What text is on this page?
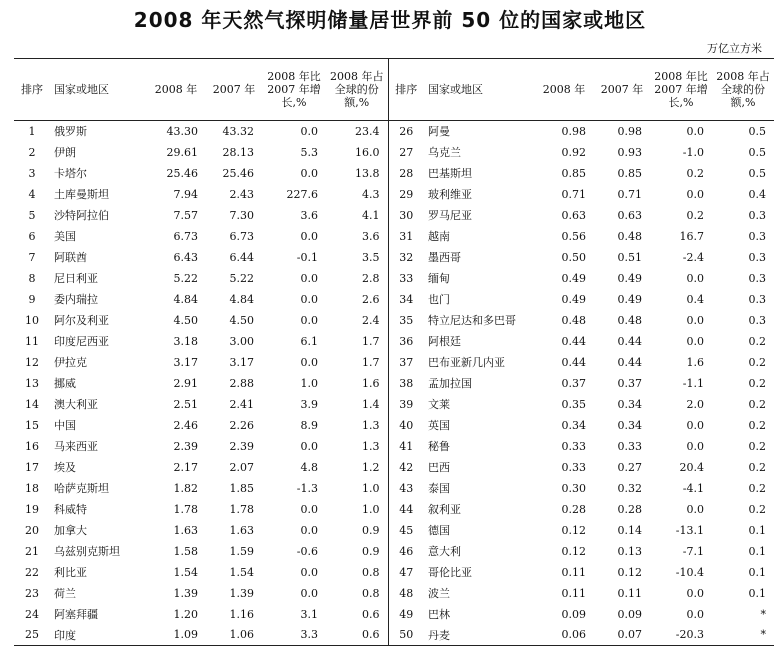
2008 年天然气探明储量居世界前 50 位的国家或地区
万亿立方米
排序	国家或地区	2008 年	2007 年	2008 年比 2007 年增长,%	2008 年占全球的份额,%	排序	国家或地区	2008 年	2007 年	2008 年比 2007 年增长,%	2008 年占全球的份额,%
1	俄罗斯	43.30	43.32	0.0	23.4	26	阿曼	0.98	0.98	0.0	0.5
2	伊朗	29.61	28.13	5.3	16.0	27	乌克兰	0.92	0.93	-1.0	0.5
3	卡塔尔	25.46	25.46	0.0	13.8	28	巴基斯坦	0.85	0.85	0.2	0.5
4	土库曼斯坦	7.94	2.43	227.6	4.3	29	玻利维亚	0.71	0.71	0.0	0.4
5	沙特阿拉伯	7.57	7.30	3.6	4.1	30	罗马尼亚	0.63	0.63	0.2	0.3
6	美国	6.73	6.73	0.0	3.6	31	越南	0.56	0.48	16.7	0.3
7	阿联酋	6.43	6.44	-0.1	3.5	32	墨西哥	0.50	0.51	-2.4	0.3
8	尼日利亚	5.22	5.22	0.0	2.8	33	缅甸	0.49	0.49	0.0	0.3
9	委内瑞拉	4.84	4.84	0.0	2.6	34	也门	0.49	0.49	0.4	0.3
10	阿尔及利亚	4.50	4.50	0.0	2.4	35	特立尼达和多巴哥	0.48	0.48	0.0	0.3
11	印度尼西亚	3.18	3.00	6.1	1.7	36	阿根廷	0.44	0.44	0.0	0.2
12	伊拉克	3.17	3.17	0.0	1.7	37	巴布亚新几内亚	0.44	0.44	1.6	0.2
13	挪威	2.91	2.88	1.0	1.6	38	孟加拉国	0.37	0.37	-1.1	0.2
14	澳大利亚	2.51	2.41	3.9	1.4	39	文莱	0.35	0.34	2.0	0.2
15	中国	2.46	2.26	8.9	1.3	40	英国	0.34	0.34	0.0	0.2
16	马来西亚	2.39	2.39	0.0	1.3	41	秘鲁	0.33	0.33	0.0	0.2
17	埃及	2.17	2.07	4.8	1.2	42	巴西	0.33	0.27	20.4	0.2
18	哈萨克斯坦	1.82	1.85	-1.3	1.0	43	泰国	0.30	0.32	-4.1	0.2
19	科威特	1.78	1.78	0.0	1.0	44	叙利亚	0.28	0.28	0.0	0.2
20	加拿大	1.63	1.63	0.0	0.9	45	德国	0.12	0.14	-13.1	0.1
21	乌兹别克斯坦	1.58	1.59	-0.6	0.9	46	意大利	0.12	0.13	-7.1	0.1
22	利比亚	1.54	1.54	0.0	0.8	47	哥伦比亚	0.11	0.12	-10.4	0.1
23	荷兰	1.39	1.39	0.0	0.8	48	波兰	0.11	0.11	0.0	0.1
24	阿塞拜疆	1.20	1.16	3.1	0.6	49	巴林	0.09	0.09	0.0	*
25	印度	1.09	1.06	3.3	0.6	50	丹麦	0.06	0.07	-20.3	*
